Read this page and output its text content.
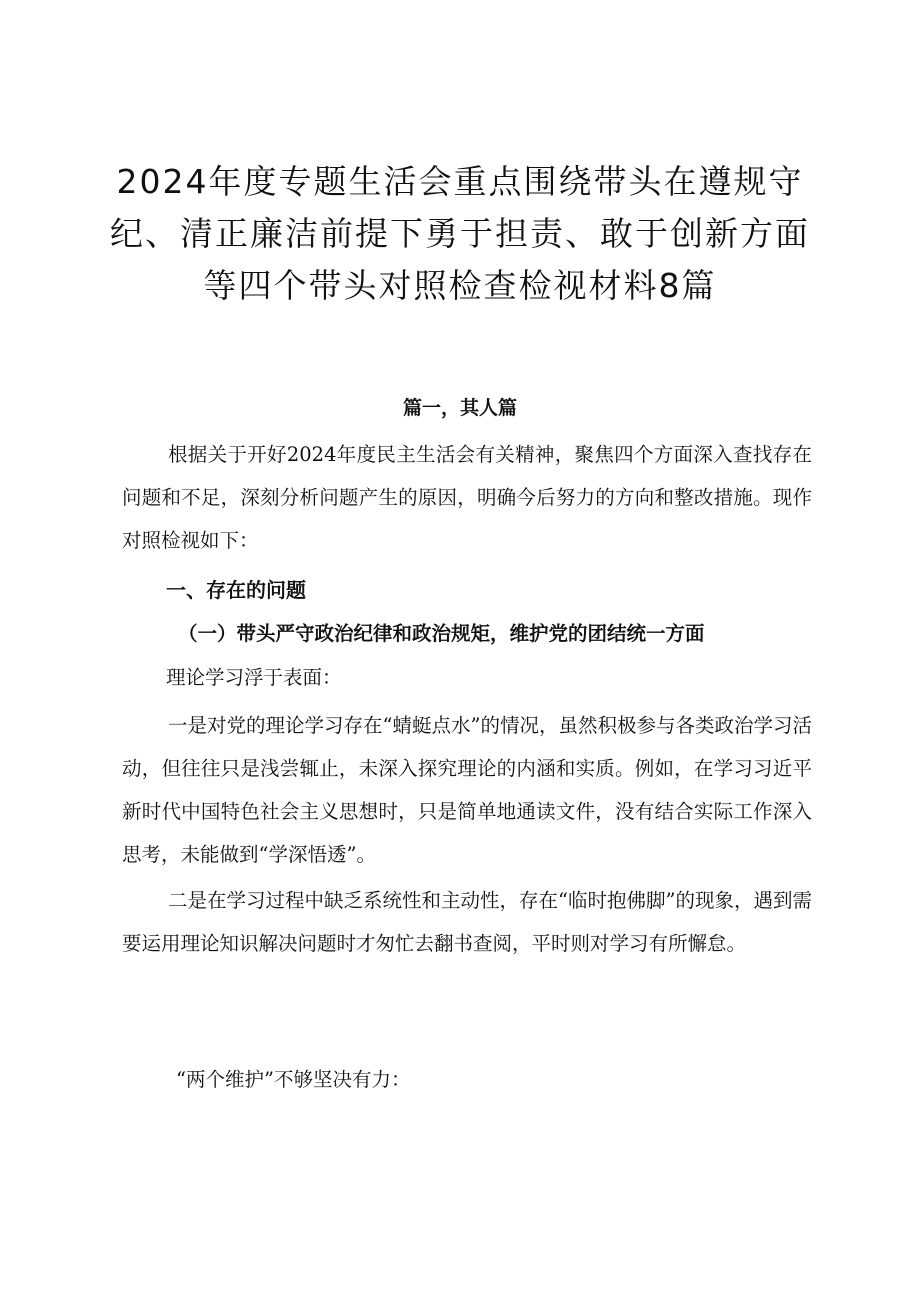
2024年度专题生活会重点围绕带头在遵规守
纪、清正廉洁前提下勇于担责、敢于创新方面
等四个带头对照检查检视材料8篇
篇一，其人篇

根据关于开好2024年度民主生活会有关精神，聚焦四个方面深入查找存在问题和不足，深刻分析问题产生的原因，明确今后努力的方向和整改措施。现作对照检视如下：

一、存在的问题
（一）带头严守政治纪律和政治规矩，维护党的团结统一方面

理论学习浮于表面：

一是对党的理论学习存在“蜻蜓点水”的情况，虽然积极参与各类政治学习活动，但往往只是浅尝辄止，未深入探究理论的内涵和实质。例如，在学习习近平新时代中国特色社会主义思想时，只是简单地通读文件，没有结合实际工作深入思考，未能做到“学深悟透”。

二是在学习过程中缺乏系统性和主动性，存在“临时抱佛脚”的现象，遇到需要运用理论知识解决问题时才匆忙去翻书查阅，平时则对学习有所懈怠。

“两个维护”不够坚决有力：
